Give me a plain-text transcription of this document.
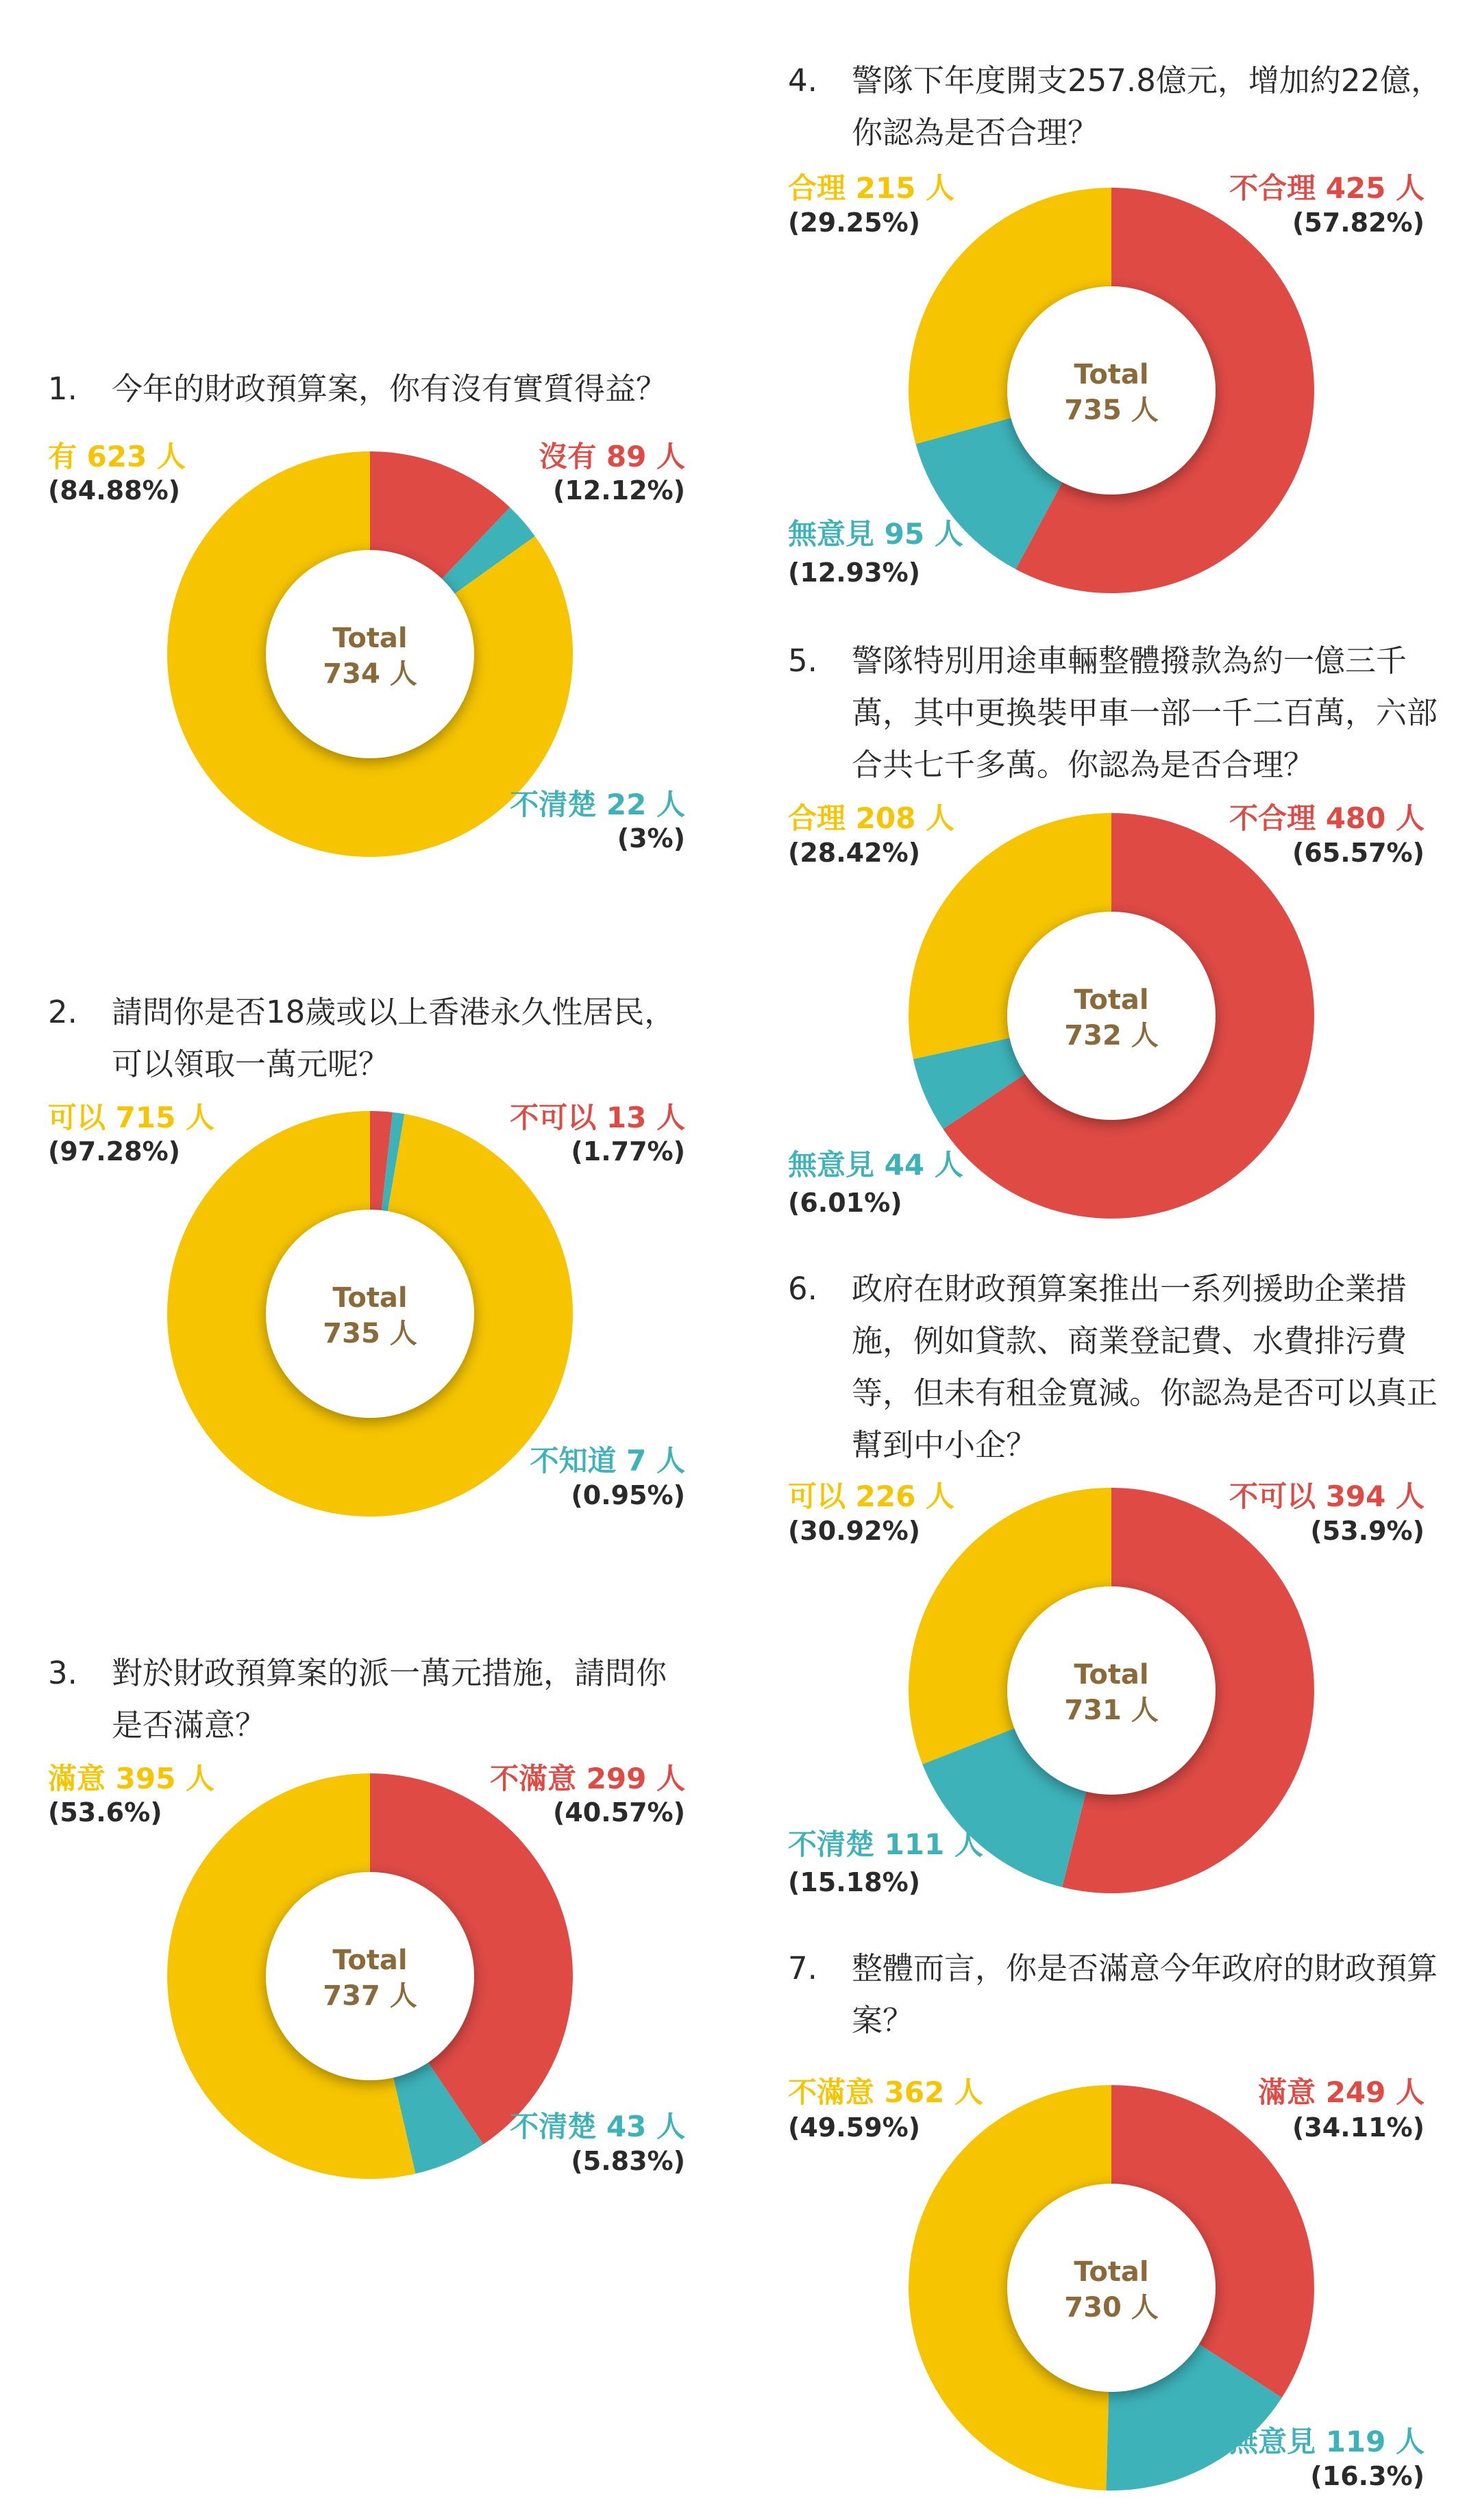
1. 今年的財政預算案，你有沒有實質得益？
有 623 人
(84.88%)
沒有 89 人
(12.12%)
Total
734 人
不清楚 22 人
(3%)
2. 請問你是否18歲或以上香港永久性居民，可以領取一萬元呢？
可以 715 人
(97.28%)
不可以 13 人
(1.77%)
Total
735 人
不知道 7 人
(0.95%)
3. 對於財政預算案的派一萬元措施，請問你是否滿意？
滿意 395 人
(53.6%)
不滿意 299 人
(40.57%)
Total
737 人
不清楚 43 人
(5.83%)
4. 警隊下年度開支257.8億元，增加約22億，你認為是否合理？
合理 215 人
(29.25%)
不合理 425 人
(57.82%)
Total
735 人
無意見 95 人
(12.93%)
5. 警隊特別用途車輛整體撥款為約一億三千萬，其中更換裝甲車一部一千二百萬，六部合共七千多萬。你認為是否合理？
合理 208 人
(28.42%)
不合理 480 人
(65.57%)
Total
732 人
無意見 44 人
(6.01%)
6. 政府在財政預算案推出一系列援助企業措施，例如貸款、商業登記費、水費排污費等，但未有租金寬減。你認為是否可以真正幫到中小企？
可以 226 人
(30.92%)
不可以 394 人
(53.9%)
Total
731 人
不清楚 111 人
(15.18%)
7. 整體而言，你是否滿意今年政府的財政預算案？
不滿意 362 人
(49.59%)
滿意 249 人
(34.11%)
Total
730 人
無意見 119 人
(16.3%)
